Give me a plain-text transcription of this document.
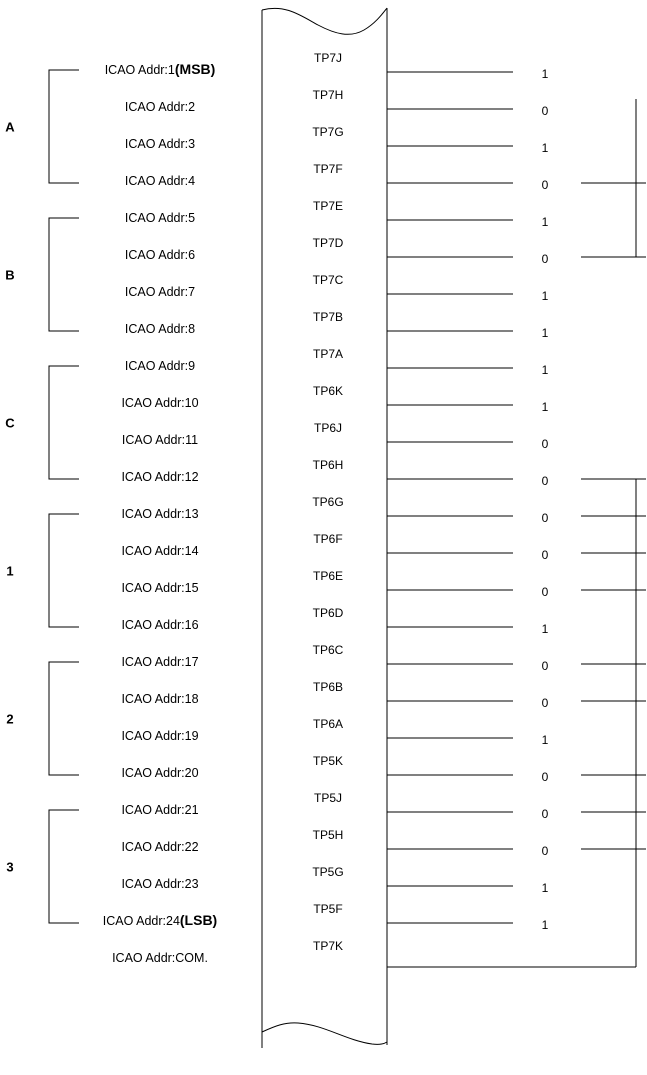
A
B
C
1
2
3
ICAO Addr:1(MSB)
TP7J
1
ICAO Addr:2
TP7H
0
ICAO Addr:3
TP7G
1
ICAO Addr:4
TP7F
0
ICAO Addr:5
TP7E
1
ICAO Addr:6
TP7D
0
ICAO Addr:7
TP7C
1
ICAO Addr:8
TP7B
1
ICAO Addr:9
TP7A
1
ICAO Addr:10
TP6K
1
ICAO Addr:11
TP6J
0
ICAO Addr:12
TP6H
0
ICAO Addr:13
TP6G
0
ICAO Addr:14
TP6F
0
ICAO Addr:15
TP6E
0
ICAO Addr:16
TP6D
1
ICAO Addr:17
TP6C
0
ICAO Addr:18
TP6B
0
ICAO Addr:19
TP6A
1
ICAO Addr:20
TP5K
0
ICAO Addr:21
TP5J
0
ICAO Addr:22
TP5H
0
ICAO Addr:23
TP5G
1
ICAO Addr:24(LSB)
TP5F
1
ICAO Addr:COM.
TP7K
